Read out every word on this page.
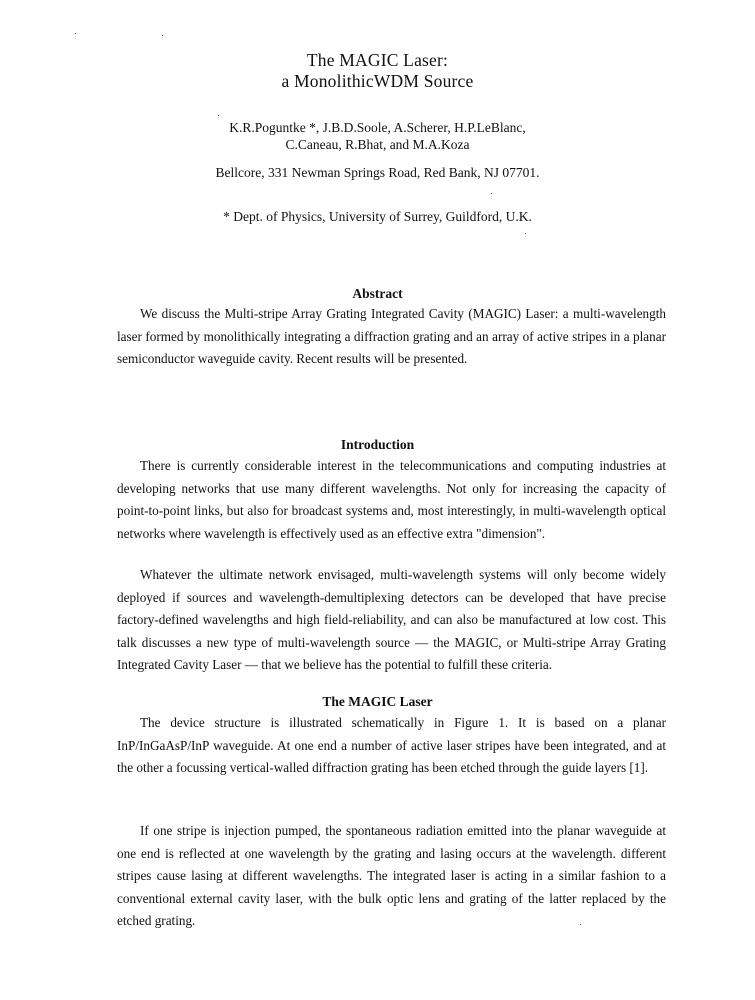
The MAGIC Laser:
a MonolithicWDM Source
K.R.Poguntke *, J.B.D.Soole, A.Scherer, H.P.LeBlanc,
C.Caneau, R.Bhat, and M.A.Koza
Bellcore, 331 Newman Springs Road, Red Bank, NJ 07701.
* Dept. of Physics, University of Surrey, Guildford, U.K.
Abstract

We discuss the Multi-stripe Array Grating Integrated Cavity (MAGIC) Laser: a multi-wavelength laser formed by monolithically integrating a diffraction grating and an array of active stripes in a planar semiconductor waveguide cavity. Recent results will be presented.

Introduction

There is currently considerable interest in the telecommunications and computing industries at developing networks that use many different wavelengths. Not only for increasing the capacity of point-to-point links, but also for broadcast systems and, most interestingly, in multi-wavelength optical networks where wavelength is effectively used as an effective extra "dimension".

Whatever the ultimate network envisaged, multi-wavelength systems will only become widely deployed if sources and wavelength-demultiplexing detectors can be developed that have precise factory-defined wavelengths and high field-reliability, and can also be manufactured at low cost. This talk discusses a new type of multi-wavelength source — the MAGIC, or Multi-stripe Array Grating Integrated Cavity Laser — that we believe has the potential to fulfill these criteria.

The MAGIC Laser

The device structure is illustrated schematically in Figure 1. It is based on a planar InP/InGaAsP/InP waveguide. At one end a number of active laser stripes have been integrated, and at the other a focussing vertical-walled diffraction grating has been etched through the guide layers [1].

If one stripe is injection pumped, the spontaneous radiation emitted into the planar waveguide at one end is reflected at one wavelength by the grating and lasing occurs at the wavelength. different stripes cause lasing at different wavelengths. The integrated laser is acting in a similar fashion to a conventional external cavity laser, with the bulk optic lens and grating of the latter replaced by the etched grating.
